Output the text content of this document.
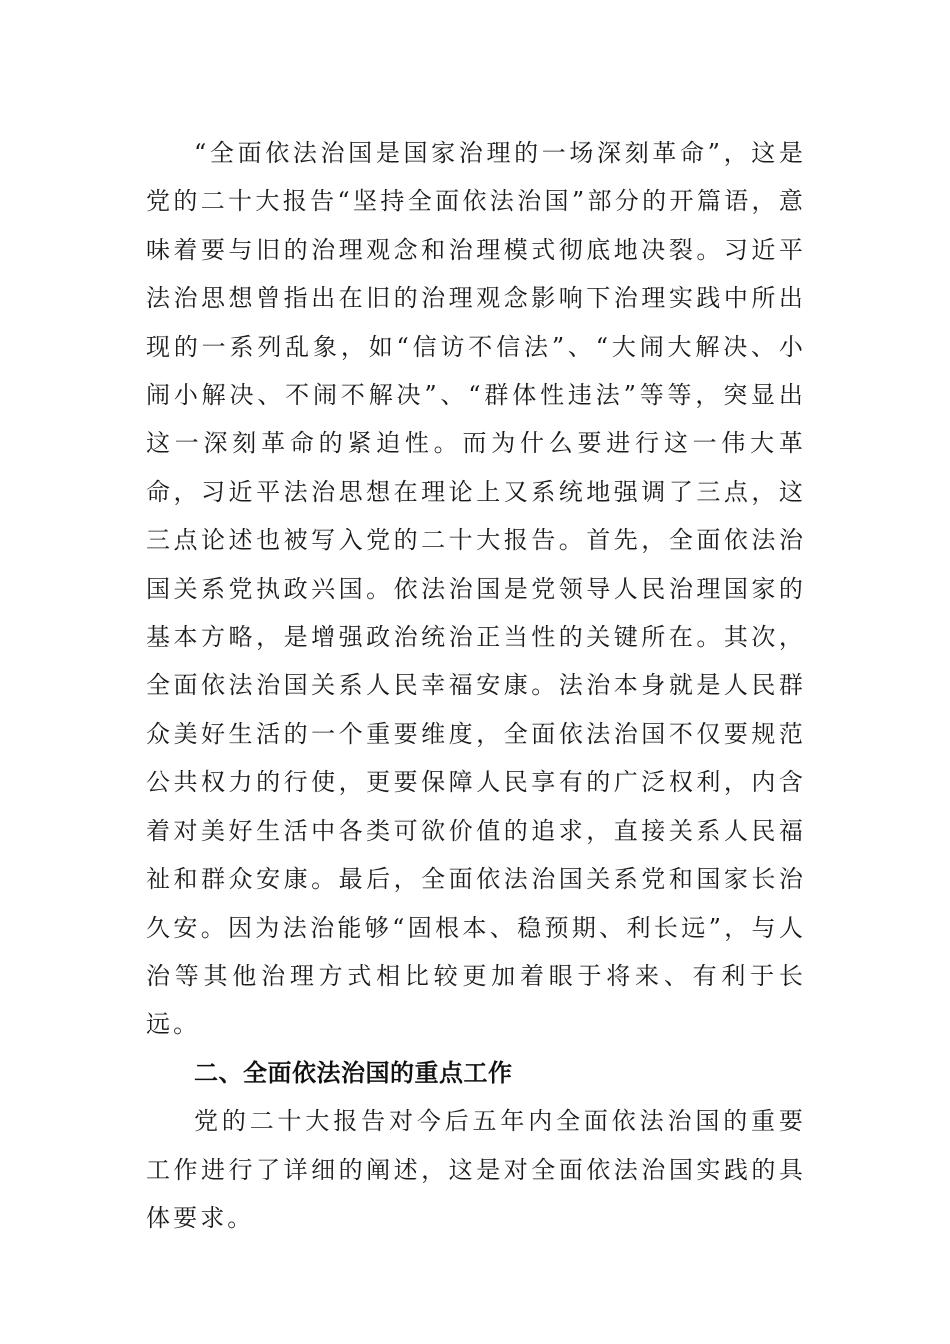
“全面依法治国是国家治理的一场深刻革命”，这是党的二十大报告“坚持全面依法治国”部分的开篇语，意味着要与旧的治理观念和治理模式彻底地决裂。习近平法治思想曾指出在旧的治理观念影响下治理实践中所出现的一系列乱象，如“信访不信法”、“大闹大解决、小闹小解决、不闹不解决”、“群体性违法”等等，突显出这一深刻革命的紧迫性。而为什么要进行这一伟大革命，习近平法治思想在理论上又系统地强调了三点，这三点论述也被写入党的二十大报告。首先，全面依法治国关系党执政兴国。依法治国是党领导人民治理国家的基本方略，是增强政治统治正当性的关键所在。其次，全面依法治国关系人民幸福安康。法治本身就是人民群众美好生活的一个重要维度，全面依法治国不仅要规范公共权力的行使，更要保障人民享有的广泛权利，内含着对美好生活中各类可欲价值的追求，直接关系人民福祉和群众安康。最后，全面依法治国关系党和国家长治久安。因为法治能够“固根本、稳预期、利长远”，与人治等其他治理方式相比较更加着眼于将来、有利于长远。

二、全面依法治国的重点工作

党的二十大报告对今后五年内全面依法治国的重要工作进行了详细的阐述，这是对全面依法治国实践的具体要求。
